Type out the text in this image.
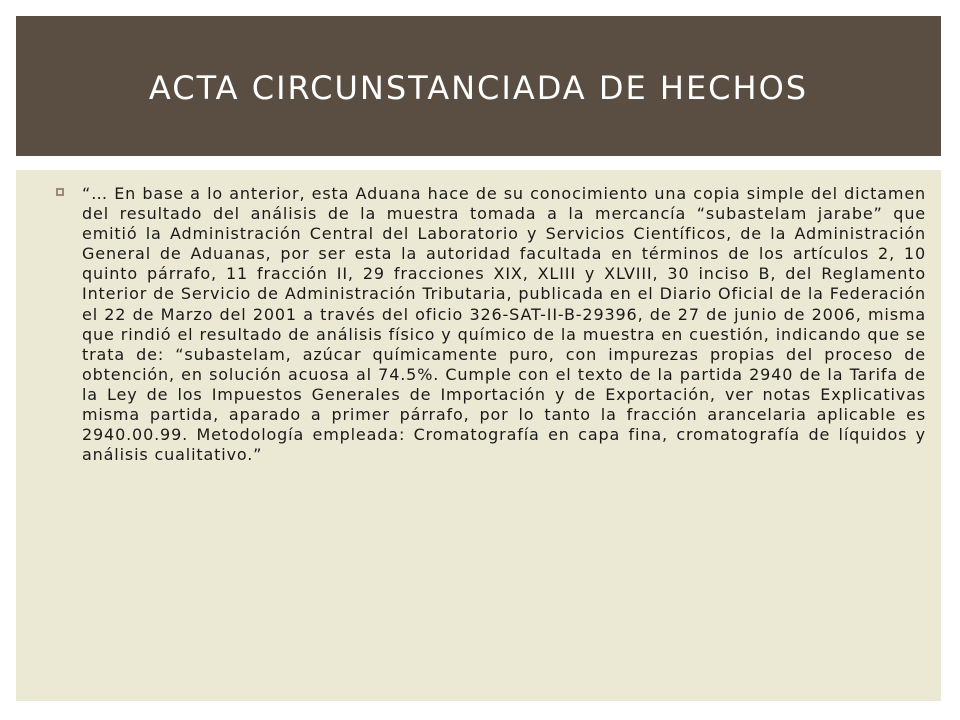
ACTA CIRCUNSTANCIADA DE HECHOS

“… En base a lo anterior, esta Aduana hace de su conocimiento una copia simple del dictamen del resultado del análisis de la muestra tomada a la mercancía “subastelam jarabe” que emitió la Administración Central del Laboratorio y Servicios Científicos, de la Administración General de Aduanas, por ser esta la autoridad facultada en términos de los artículos 2, 10 quinto párrafo, 11 fracción II, 29 fracciones XIX, XLIII y XLVIII, 30 inciso B, del Reglamento Interior de Servicio de Administración Tributaria, publicada en el Diario Oficial de la Federación el 22 de Marzo del 2001 a través del oficio 326-SAT-II-B-29396, de 27 de junio de 2006, misma que rindió el resultado de análisis físico y químico de la muestra en cuestión, indicando que se trata de: “subastelam, azúcar químicamente puro, con impurezas propias del proceso de obtención, en solución acuosa al 74.5%. Cumple con el texto de la partida 2940 de la Tarifa de la Ley de los Impuestos Generales de Importación y de Exportación, ver notas Explicativas misma partida, aparado a primer párrafo, por lo tanto la fracción arancelaria aplicable es 2940.00.99. Metodología empleada: Cromatografía en capa fina, cromatografía de líquidos y análisis cualitativo.”
